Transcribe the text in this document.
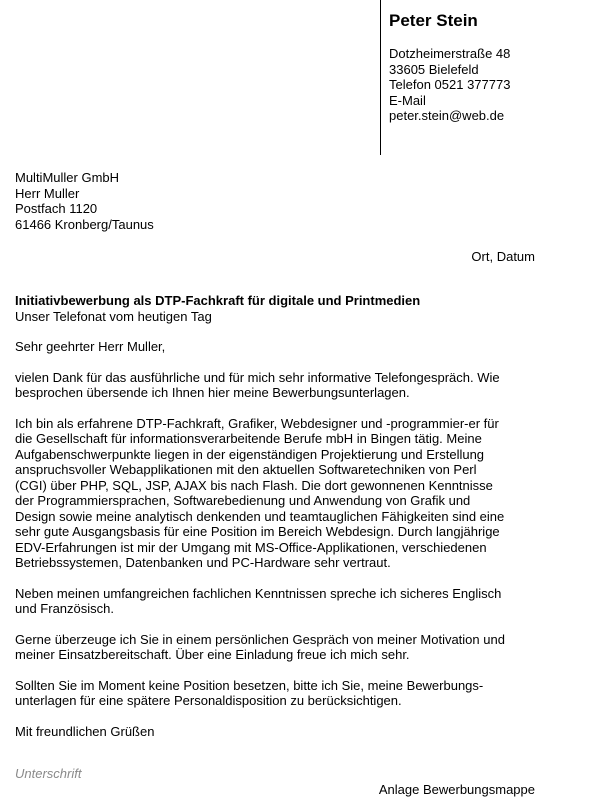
Peter Stein
Dotzheimerstraße 48
33605 Bielefeld
Telefon 0521 377773
E-Mail
peter.stein@web.de
MultiMuller GmbH
Herr Muller
Postfach 1120
61466 Kronberg/Taunus
Ort, Datum
Initiativbewerbung als DTP-Fachkraft für digitale und Printmedien
Unser Telefonat vom heutigen Tag

Sehr geehrter Herr Muller,

vielen Dank für das ausführliche und für mich sehr informative Telefongespräch. Wie
besprochen übersende ich Ihnen hier meine Bewerbungsunterlagen.

Ich bin als erfahrene DTP-Fachkraft, Grafiker, Webdesigner und -programmier-er für
die Gesellschaft für informationsverarbeitende Berufe mbH in Bingen tätig. Meine
Aufgabenschwerpunkte liegen in der eigenständigen Projektierung und Erstellung
anspruchsvoller Webapplikationen mit den aktuellen Softwaretechniken von Perl
(CGI) über PHP, SQL, JSP, AJAX bis nach Flash. Die dort gewonnenen Kenntnisse
der Programmiersprachen, Softwarebedienung und Anwendung von Grafik und
Design sowie meine analytisch denkenden und teamtauglichen Fähigkeiten sind eine
sehr gute Ausgangsbasis für eine Position im Bereich Webdesign. Durch langjährige
EDV-Erfahrungen ist mir der Umgang mit MS-Office-Applikationen, verschiedenen
Betriebssystemen, Datenbanken und PC-Hardware sehr vertraut.

Neben meinen umfangreichen fachlichen Kenntnissen spreche ich sicheres Englisch
und Französisch.

Gerne überzeuge ich Sie in einem persönlichen Gespräch von meiner Motivation und
meiner Einsatzbereitschaft. Über eine Einladung freue ich mich sehr.

Sollten Sie im Moment keine Position besetzen, bitte ich Sie, meine Bewerbungs-
unterlagen für eine spätere Personaldisposition zu berücksichtigen.

Mit freundlichen Grüßen

Unterschrift
Anlage Bewerbungsmappe
